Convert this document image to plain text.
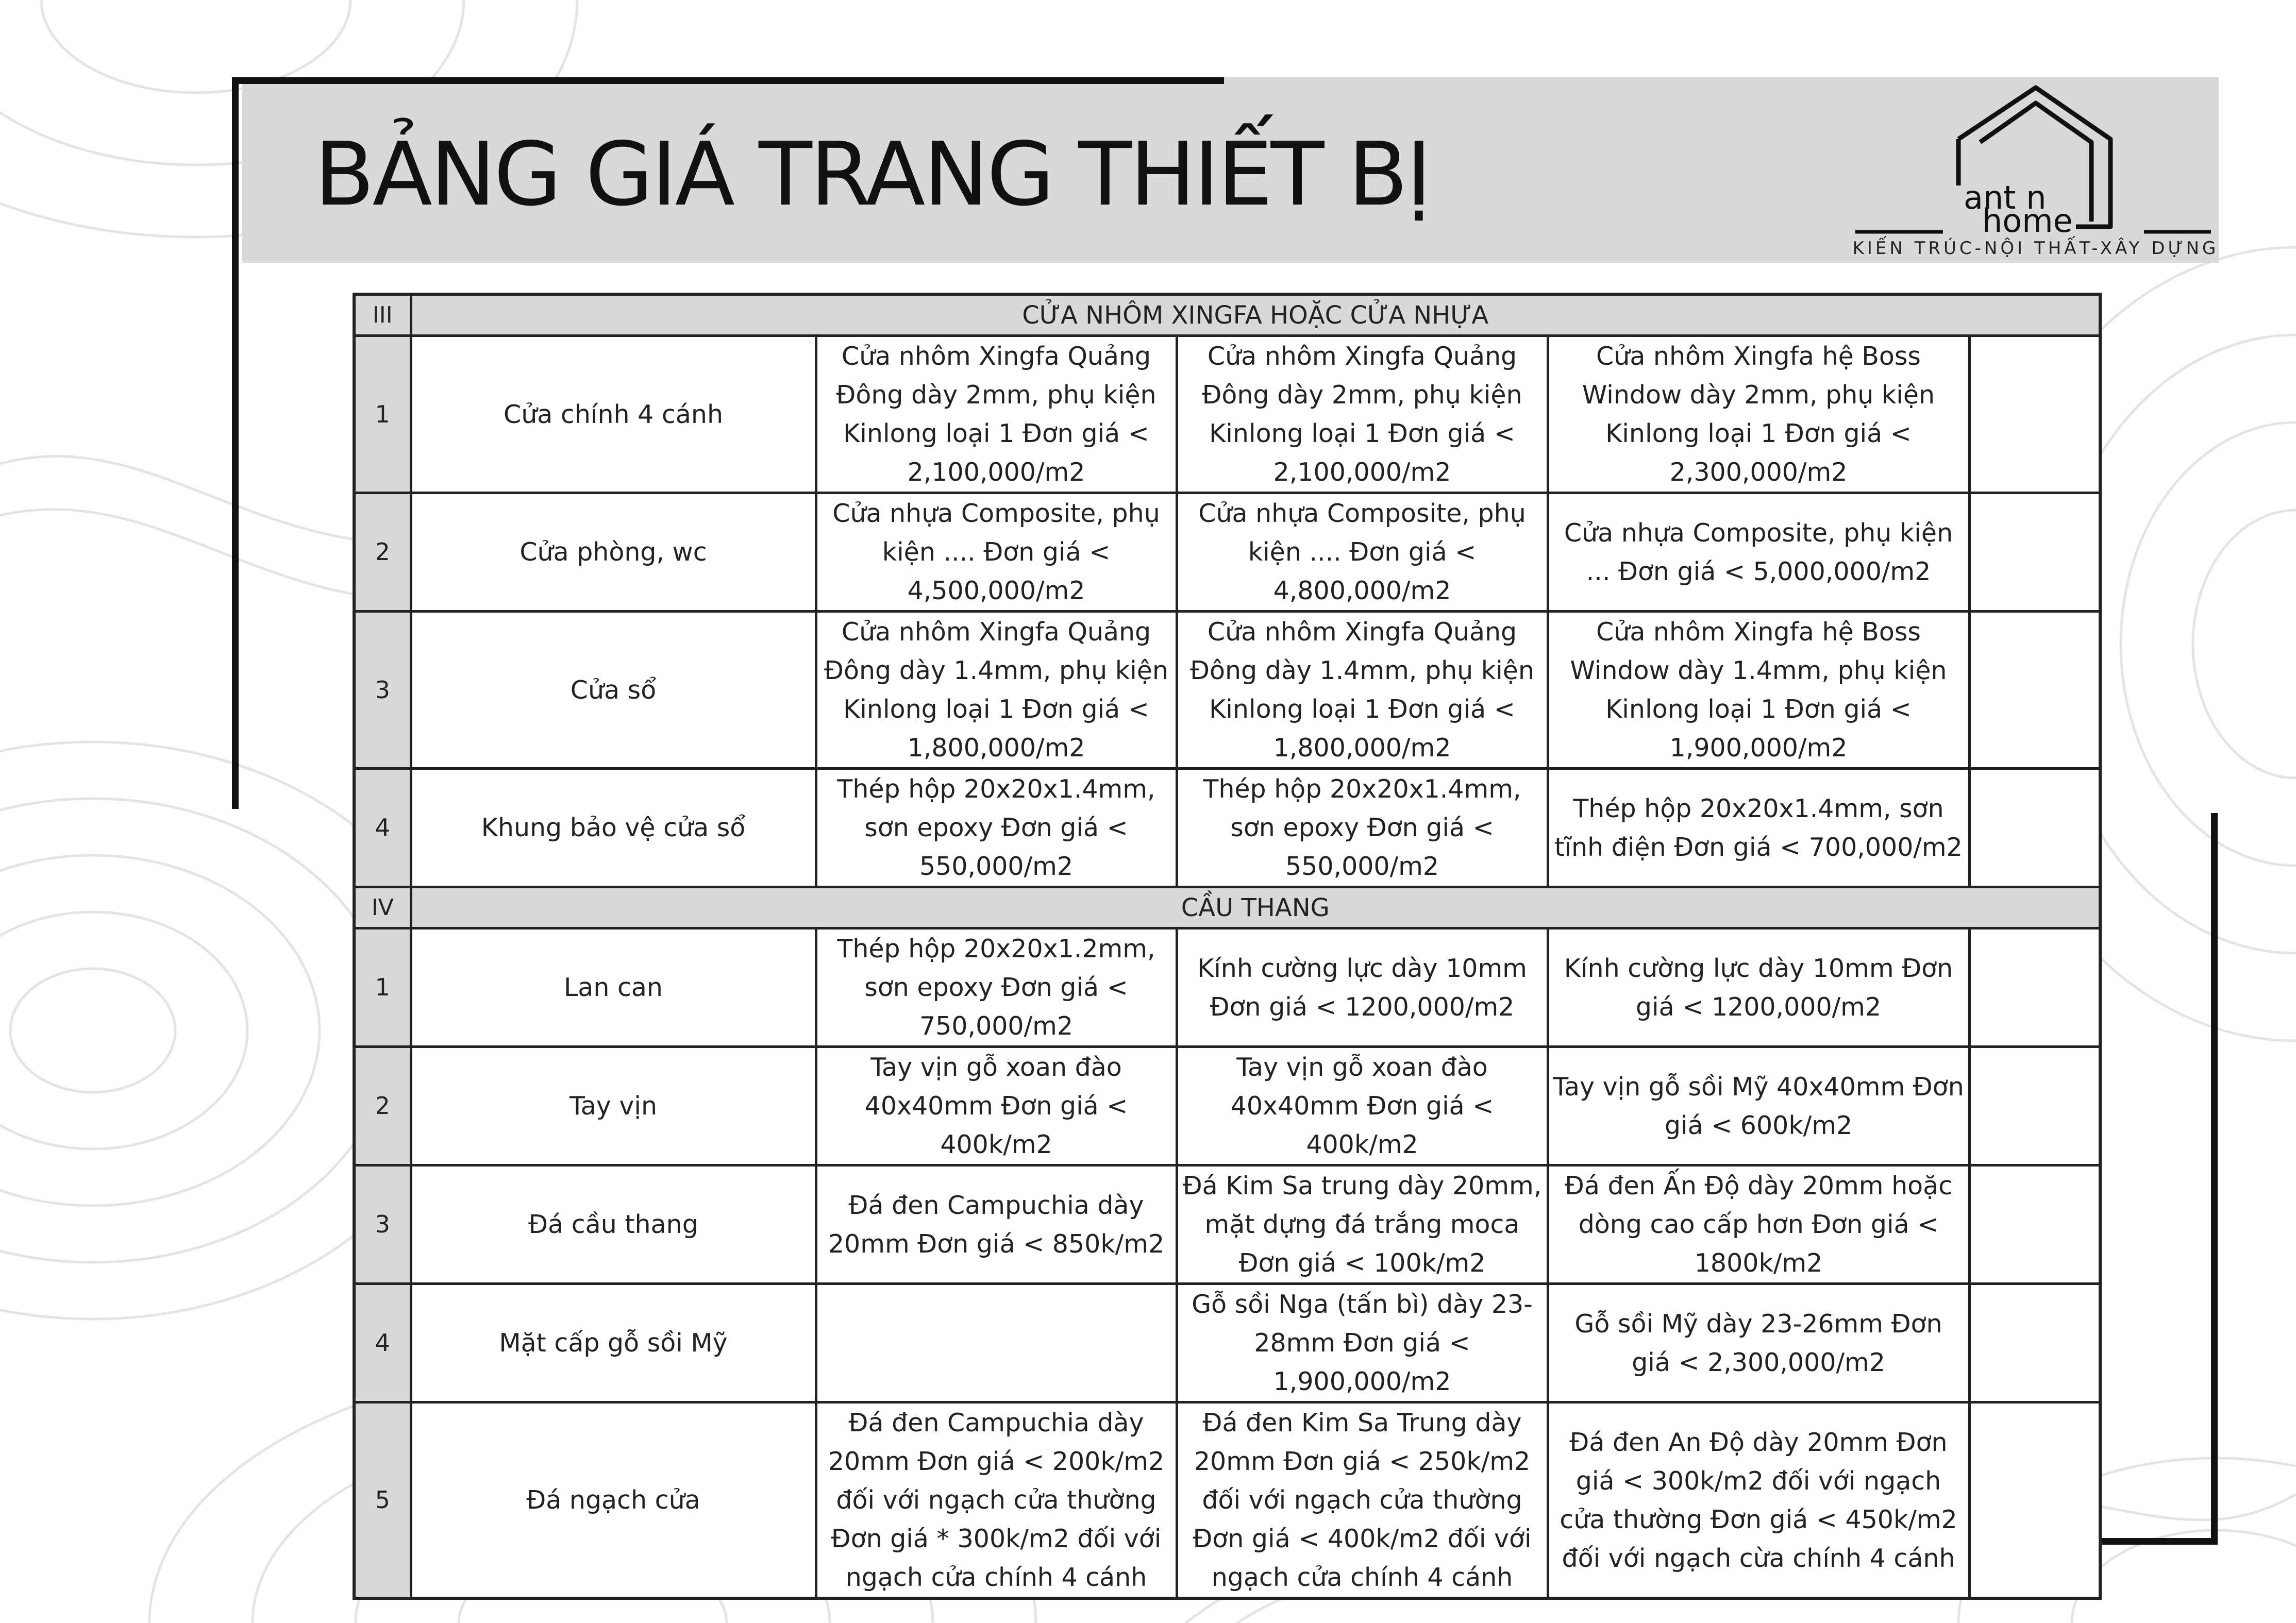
BẢNG GIÁ TRANG THIẾT BỊ	ant n
home
KIẾN TRÚC-NỘI THẤT-XÂY DỰNG
III	CỬA NHÔM XINGFA HOẶC CỬA NHỰA				
1	Cửa chính 4 cánh	Cửa nhôm Xingfa Quảng Đông dày 2mm, phụ kiện Kinlong loại 1 Đơn giá < 2,100,000/m2	Cửa nhôm Xingfa Quảng Đông dày 2mm, phụ kiện Kinlong loại 1 Đơn giá < 2,100,000/m2	Cửa nhôm Xingfa hệ Boss Window dày 2mm, phụ kiện Kinlong loại 1 Đơn giá < 2,300,000/m2	
2	Cửa phòng, wc	Cửa nhựa Composite, phụ kiện .... Đơn giá < 4,500,000/m2	Cửa nhựa Composite, phụ kiện .... Đơn giá < 4,800,000/m2	Cửa nhựa Composite, phụ kiện ... Đơn giá < 5,000,000/m2	
3	Cửa sổ	Cửa nhôm Xingfa Quảng Đông dày 1.4mm, phụ kiện Kinlong loại 1 Đơn giá < 1,800,000/m2	Cửa nhôm Xingfa Quảng Đông dày 1.4mm, phụ kiện Kinlong loại 1 Đơn giá < 1,800,000/m2	Cửa nhôm Xingfa hệ Boss Window dày 1.4mm, phụ kiện Kinlong loại 1 Đơn giá < 1,900,000/m2	
4	Khung bảo vệ cửa sổ	Thép hộp 20x20x1.4mm, sơn epoxy Đơn giá < 550,000/m2	Thép hộp 20x20x1.4mm, sơn epoxy Đơn giá < 550,000/m2	Thép hộp 20x20x1.4mm, sơn tĩnh điện Đơn giá < 700,000/m2	
IV	CẦU THANG				
1	Lan can	Thép hộp 20x20x1.2mm, sơn epoxy Đơn giá < 750,000/m2	Kính cường lực dày 10mm Đơn giá < 1200,000/m2	Kính cường lực dày 10mm Đơn giá < 1200,000/m2	
2	Tay vịn	Tay vịn gỗ xoan đào 40x40mm Đơn giá < 400k/m2	Tay vịn gỗ xoan đào 40x40mm Đơn giá < 400k/m2	Tay vịn gỗ sồi Mỹ 40x40mm Đơn giá < 600k/m2	
3	Đá cầu thang	Đá đen Campuchia dày 20mm Đơn giá < 850k/m2	Đá Kim Sa trung dày 20mm, mặt dựng đá trắng moca Đơn giá < 100k/m2	Đá đen Ấn Độ dày 20mm hoặc dòng cao cấp hơn Đơn giá < 1800k/m2	
4	Mặt cấp gỗ sồi Mỹ		Gỗ sồi Nga (tấn bì) dày 23-28mm Đơn giá < 1,900,000/m2	Gỗ sồi Mỹ dày 23-26mm Đơn giá < 2,300,000/m2	
5	Đá ngạch cửa	Đá đen Campuchia dày 20mm Đơn giá < 200k/m2 đối với ngạch cửa thường Đơn giá * 300k/m2 đối với ngạch cửa chính 4 cánh	Đá đen Kim Sa Trung dày 20mm Đơn giá < 250k/m2 đối với ngạch cửa thường Đơn giá < 400k/m2 đối với ngạch cửa chính 4 cánh	Đá đen An Độ dày 20mm Đơn giá < 300k/m2 đối với ngạch cửa thường Đơn giá < 450k/m2 đối với ngạch cừa chính 4 cánh	
